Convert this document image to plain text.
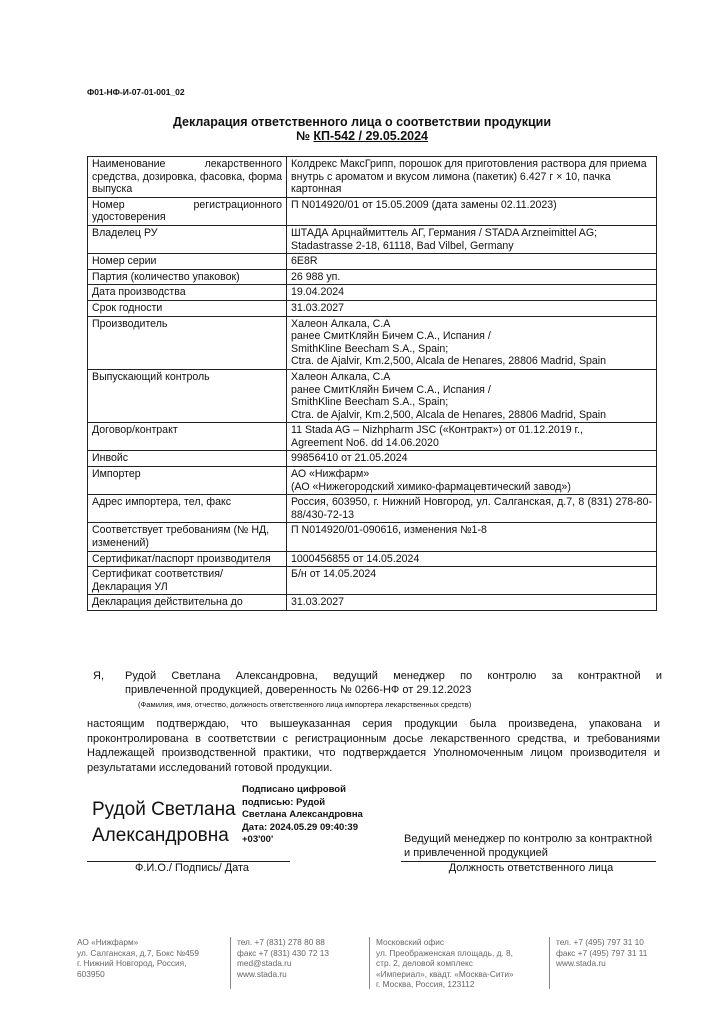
Ф01-НФ-И-07-01-001_02
Декларация ответственного лица о соответствии продукции
№ КП-542 / 29.05.2024
Наименование лекарственного средства, дозировка, фасовка, форма выпуска	Колдрекс МаксГрипп, порошок для приготовления раствора для приема внутрь с ароматом и вкусом лимона (пакетик) 6.427 г × 10, пачка картонная
Номер регистрационного удостоверения	П N014920/01 от 15.05.2009 (дата замены 02.11.2023)
Владелец РУ	ШТАДА Арцнаймиттель АГ, Германия / STADA Arzneimittel AG; Stadastrasse 2-18, 61118, Bad Vilbel, Germany
Номер серии	6E8R
Партия (количество упаковок)	26 988 уп.
Дата производства	19.04.2024
Срок годности	31.03.2027
Производитель	Халеон Алкала, С.А
ранее СмитКляйн Бичем С.А., Испания /
SmithKline Beecham S.A., Spain;
Ctra. de Ajalvir, Km.2,500, Alcala de Henares, 28806 Madrid, Spain

Выпускающий контроль	Халеон Алкала, С.А
ранее СмитКляйн Бичем С.А., Испания /
SmithKline Beecham S.A., Spain;
Ctra. de Ajalvir, Km.2,500, Alcala de Henares, 28806 Madrid, Spain

Договор/контракт	11 Stada AG – Nizhpharm JSC («Контракт») от 01.12.2019 г.,
Agreement No6. dd 14.06.2020

Инвойс	99856410 от 21.05.2024
Импортер	АО «Нижфарм»
(АО «Нижегородский химико-фармацевтический завод»)

Адрес импортера, тел, факс	Россия, 603950, г. Нижний Новгород, ул. Салганская, д.7, 8 (831) 278-80-88/430-72-13
Соответствует требованиям (№ НД, изменений)	П N014920/01-090616, изменения №1-8
Сертификат/паспорт производителя	1000456855 от 14.05.2024
Сертификат соответствия/Декларация УЛ	Б/н от 14.05.2024
Декларация действительна до	31.03.2027
Я, Рудой Светлана Александровна, ведущий менеджер по контролю за контрактной и
привлеченной продукцией, доверенность № 0266-НФ от 29.12.2023
(Фамилия, имя, отчество, должность ответственного лица импортера лекарственных средств)
настоящим подтверждаю, что вышеуказанная серия продукции была произведена, упакована и проконтролирована в соответствии с регистрационным досье лекарственного средства, и требованиями Надлежащей производственной практики, что подтверждается Уполномоченным лицом производителя и результатами исследований готовой продукции.
Рудой Светлана
Александровна
Подписано цифровой
подписью: Рудой
Светлана Александровна
Дата: 2024.05.29 09:40:39
+03'00'	Ведущий менеджер по контролю за контрактной
и привлеченной продукцией
Ф.И.О./ Подпись/ Дата	Должность ответственного лица
АО «Нижфарм»
ул. Салганская, д.7, Бокс №459
г. Нижний Новгород, Россия,
603950
тел. +7 (831) 278 80 88
факс +7 (831) 430 72 13
med@stada.ru
www.stada.ru
Московский офис
ул. Преображенская площадь, д. 8,
стр. 2, деловой комплекс
«Империал», квадт. «Москва-Сити»
г. Москва, Россия, 123112
тел. +7 (495) 797 31 10
факс +7 (495) 797 31 11
www.stada.ru
